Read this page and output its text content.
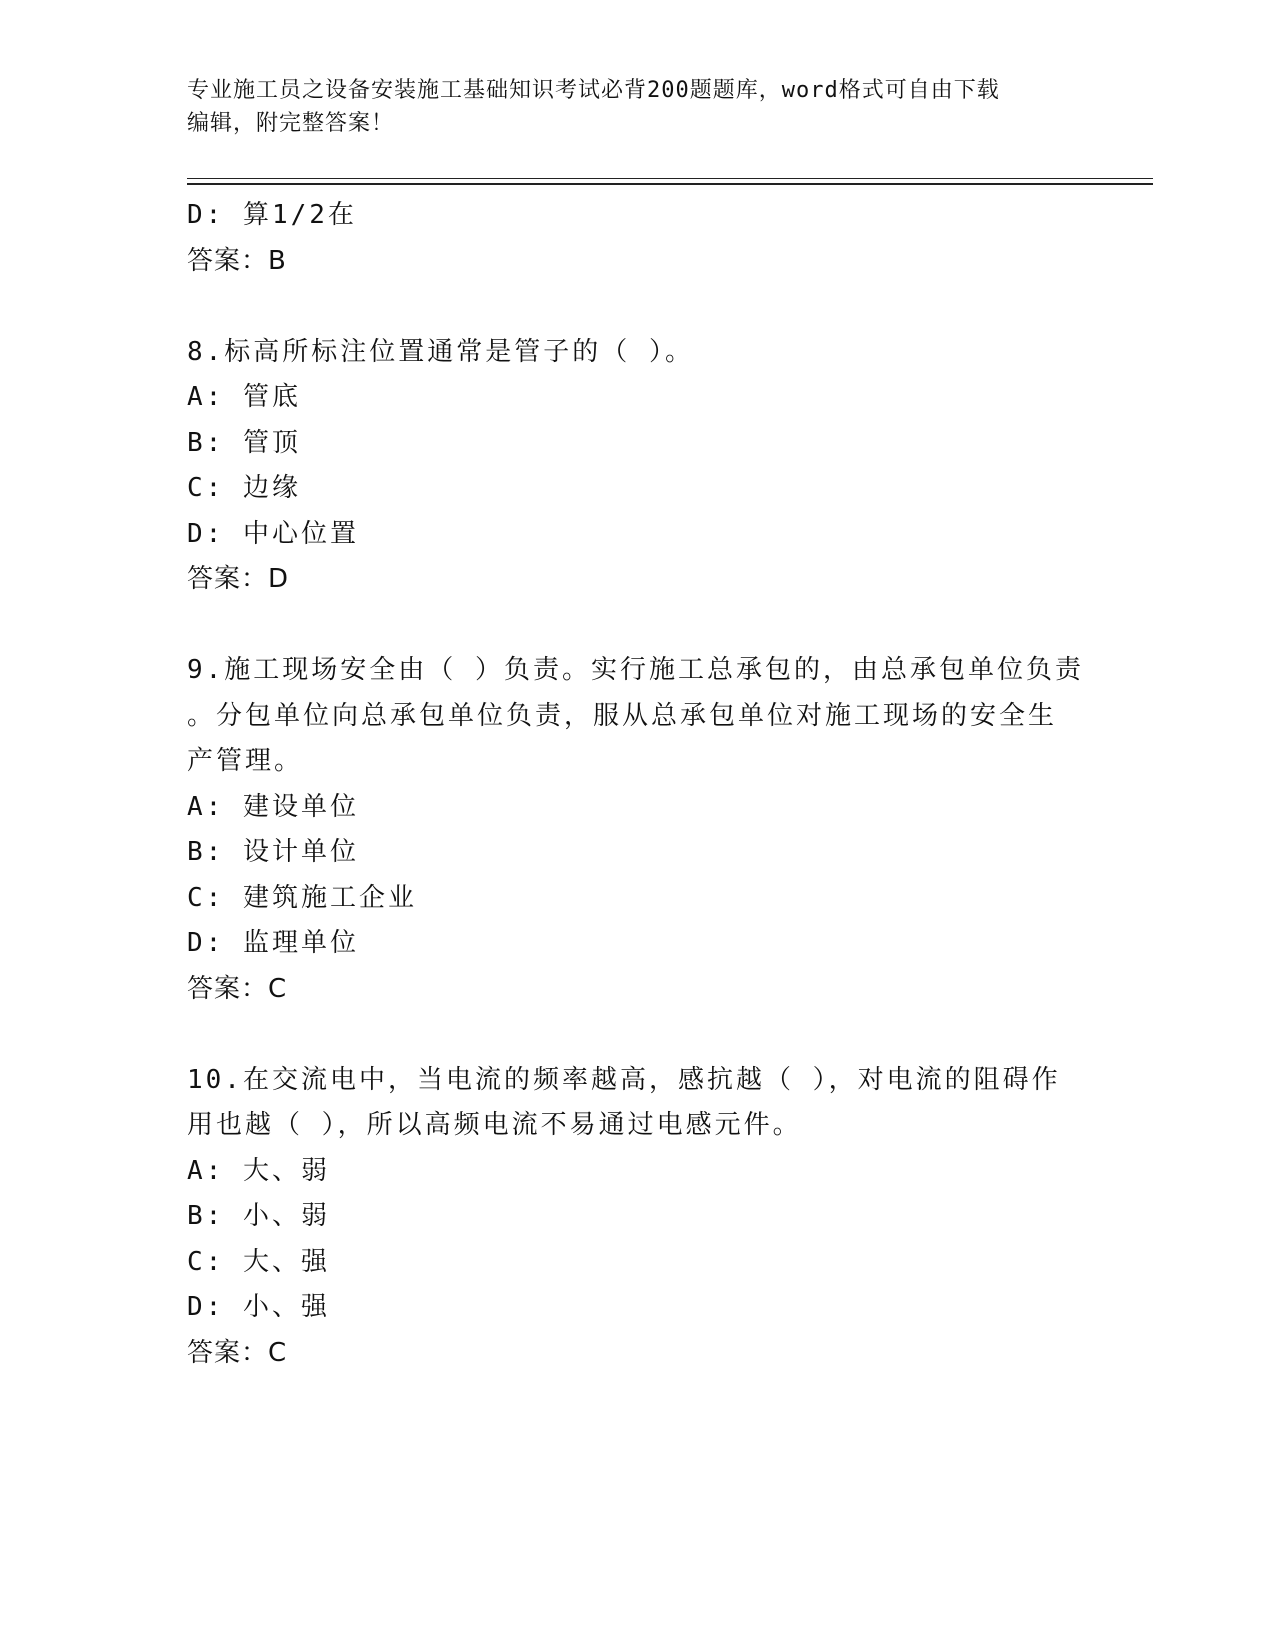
专业施工员之设备安装施工基础知识考试必背200题题库，word格式可自由下载
编辑，附完整答案！
D: 算1/2在
答案：B
8.标高所标注位置通常是管子的（ ）。
A: 管底
B: 管顶
C: 边缘
D: 中心位置
答案：D
9.施工现场安全由（ ）负责。实行施工总承包的，由总承包单位负责
。分包单位向总承包单位负责，服从总承包单位对施工现场的安全生
产管理。
A: 建设单位
B: 设计单位
C: 建筑施工企业
D: 监理单位
答案：C
10.在交流电中，当电流的频率越高，感抗越（ ），对电流的阻碍作
用也越（ ），所以高频电流不易通过电感元件。
A: 大、弱
B: 小、弱
C: 大、强
D: 小、强
答案：C
